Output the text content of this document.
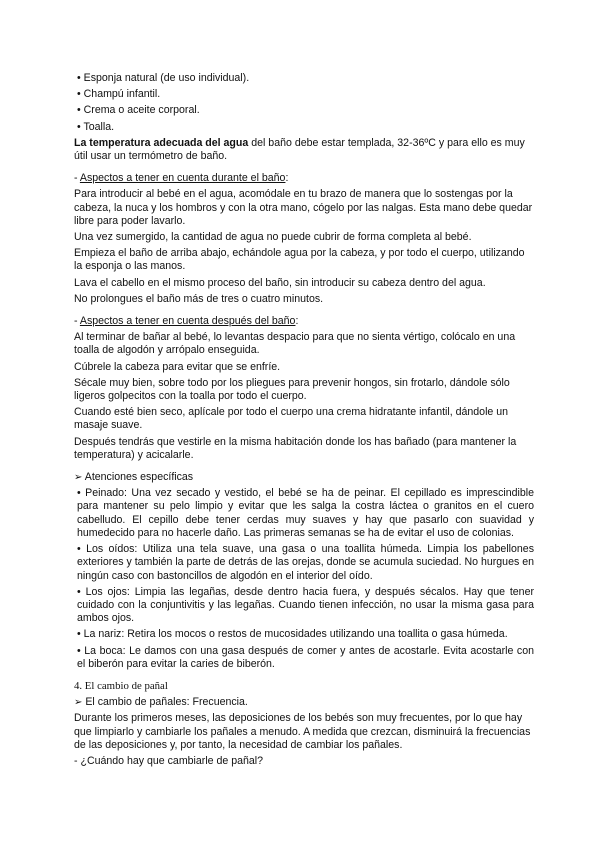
• Esponja natural (de uso individual).

• Champú infantil.

• Crema o aceite corporal.

• Toalla.

La temperatura adecuada del agua del baño debe estar templada, 32-36ºC y para ello es muy útil usar un termómetro de baño.

- Aspectos a tener en cuenta durante el baño:

Para introducir al bebé en el agua, acomódale en tu brazo de manera que lo sostengas por la cabeza, la nuca y los hombros y con la otra mano, cógelo por las nalgas. Esta mano debe quedar libre para poder lavarlo.

Una vez sumergido, la cantidad de agua no puede cubrir de forma completa al bebé.

Empieza el baño de arriba abajo, echándole agua por la cabeza, y por todo el cuerpo, utilizando la esponja o las manos.

Lava el cabello en el mismo proceso del baño, sin introducir su cabeza dentro del agua.

No prolongues el baño más de tres o cuatro minutos.

- Aspectos a tener en cuenta después del baño:

Al terminar de bañar al bebé, lo levantas despacio para que no sienta vértigo, colócalo en una toalla de algodón y arrópalo enseguida.

Cúbrele la cabeza para evitar que se enfríe.

Sécale muy bien, sobre todo por los pliegues para prevenir hongos, sin frotarlo, dándole sólo ligeros golpecitos con la toalla por todo el cuerpo.

Cuando esté bien seco, aplícale por todo el cuerpo una crema hidratante infantil, dándole un masaje suave.

Después tendrás que vestirle en la misma habitación donde los has bañado (para mantener la temperatura) y acicalarle.

➢ Atenciones específicas

• Peinado: Una vez secado y vestido, el bebé se ha de peinar. El cepillado es imprescindible para mantener su pelo limpio y evitar que les salga la costra láctea o granitos en el cuero cabelludo. El cepillo debe tener cerdas muy suaves y hay que pasarlo con suavidad y humedecido para no hacerle daño. Las primeras semanas se ha de evitar el uso de colonias.

• Los oídos: Utiliza una tela suave, una gasa o una toallita húmeda. Limpia los pabellones exteriores y también la parte de detrás de las orejas, donde se acumula suciedad. No hurgues en ningún caso con bastoncillos de algodón en el interior del oído.

• Los ojos: Limpia las legañas, desde dentro hacia fuera, y después sécalos. Hay que tener cuidado con la conjuntivitis y las legañas. Cuando tienen infección, no usar la misma gasa para ambos ojos.

• La nariz: Retira los mocos o restos de mucosidades utilizando una toallita o gasa húmeda.

• La boca: Le damos con una gasa después de comer y antes de acostarle. Evita acostarle con el biberón para evitar la caries de biberón.

4. El cambio de pañal

➢ El cambio de pañales: Frecuencia.

Durante los primeros meses, las deposiciones de los bebés son muy frecuentes, por lo que hay que limpiarlo y cambiarle los pañales a menudo. A medida que crezcan, disminuirá la frecuencias de las deposiciones y, por tanto, la necesidad de cambiar los pañales.

- ¿Cuándo hay que cambiarle de pañal?
